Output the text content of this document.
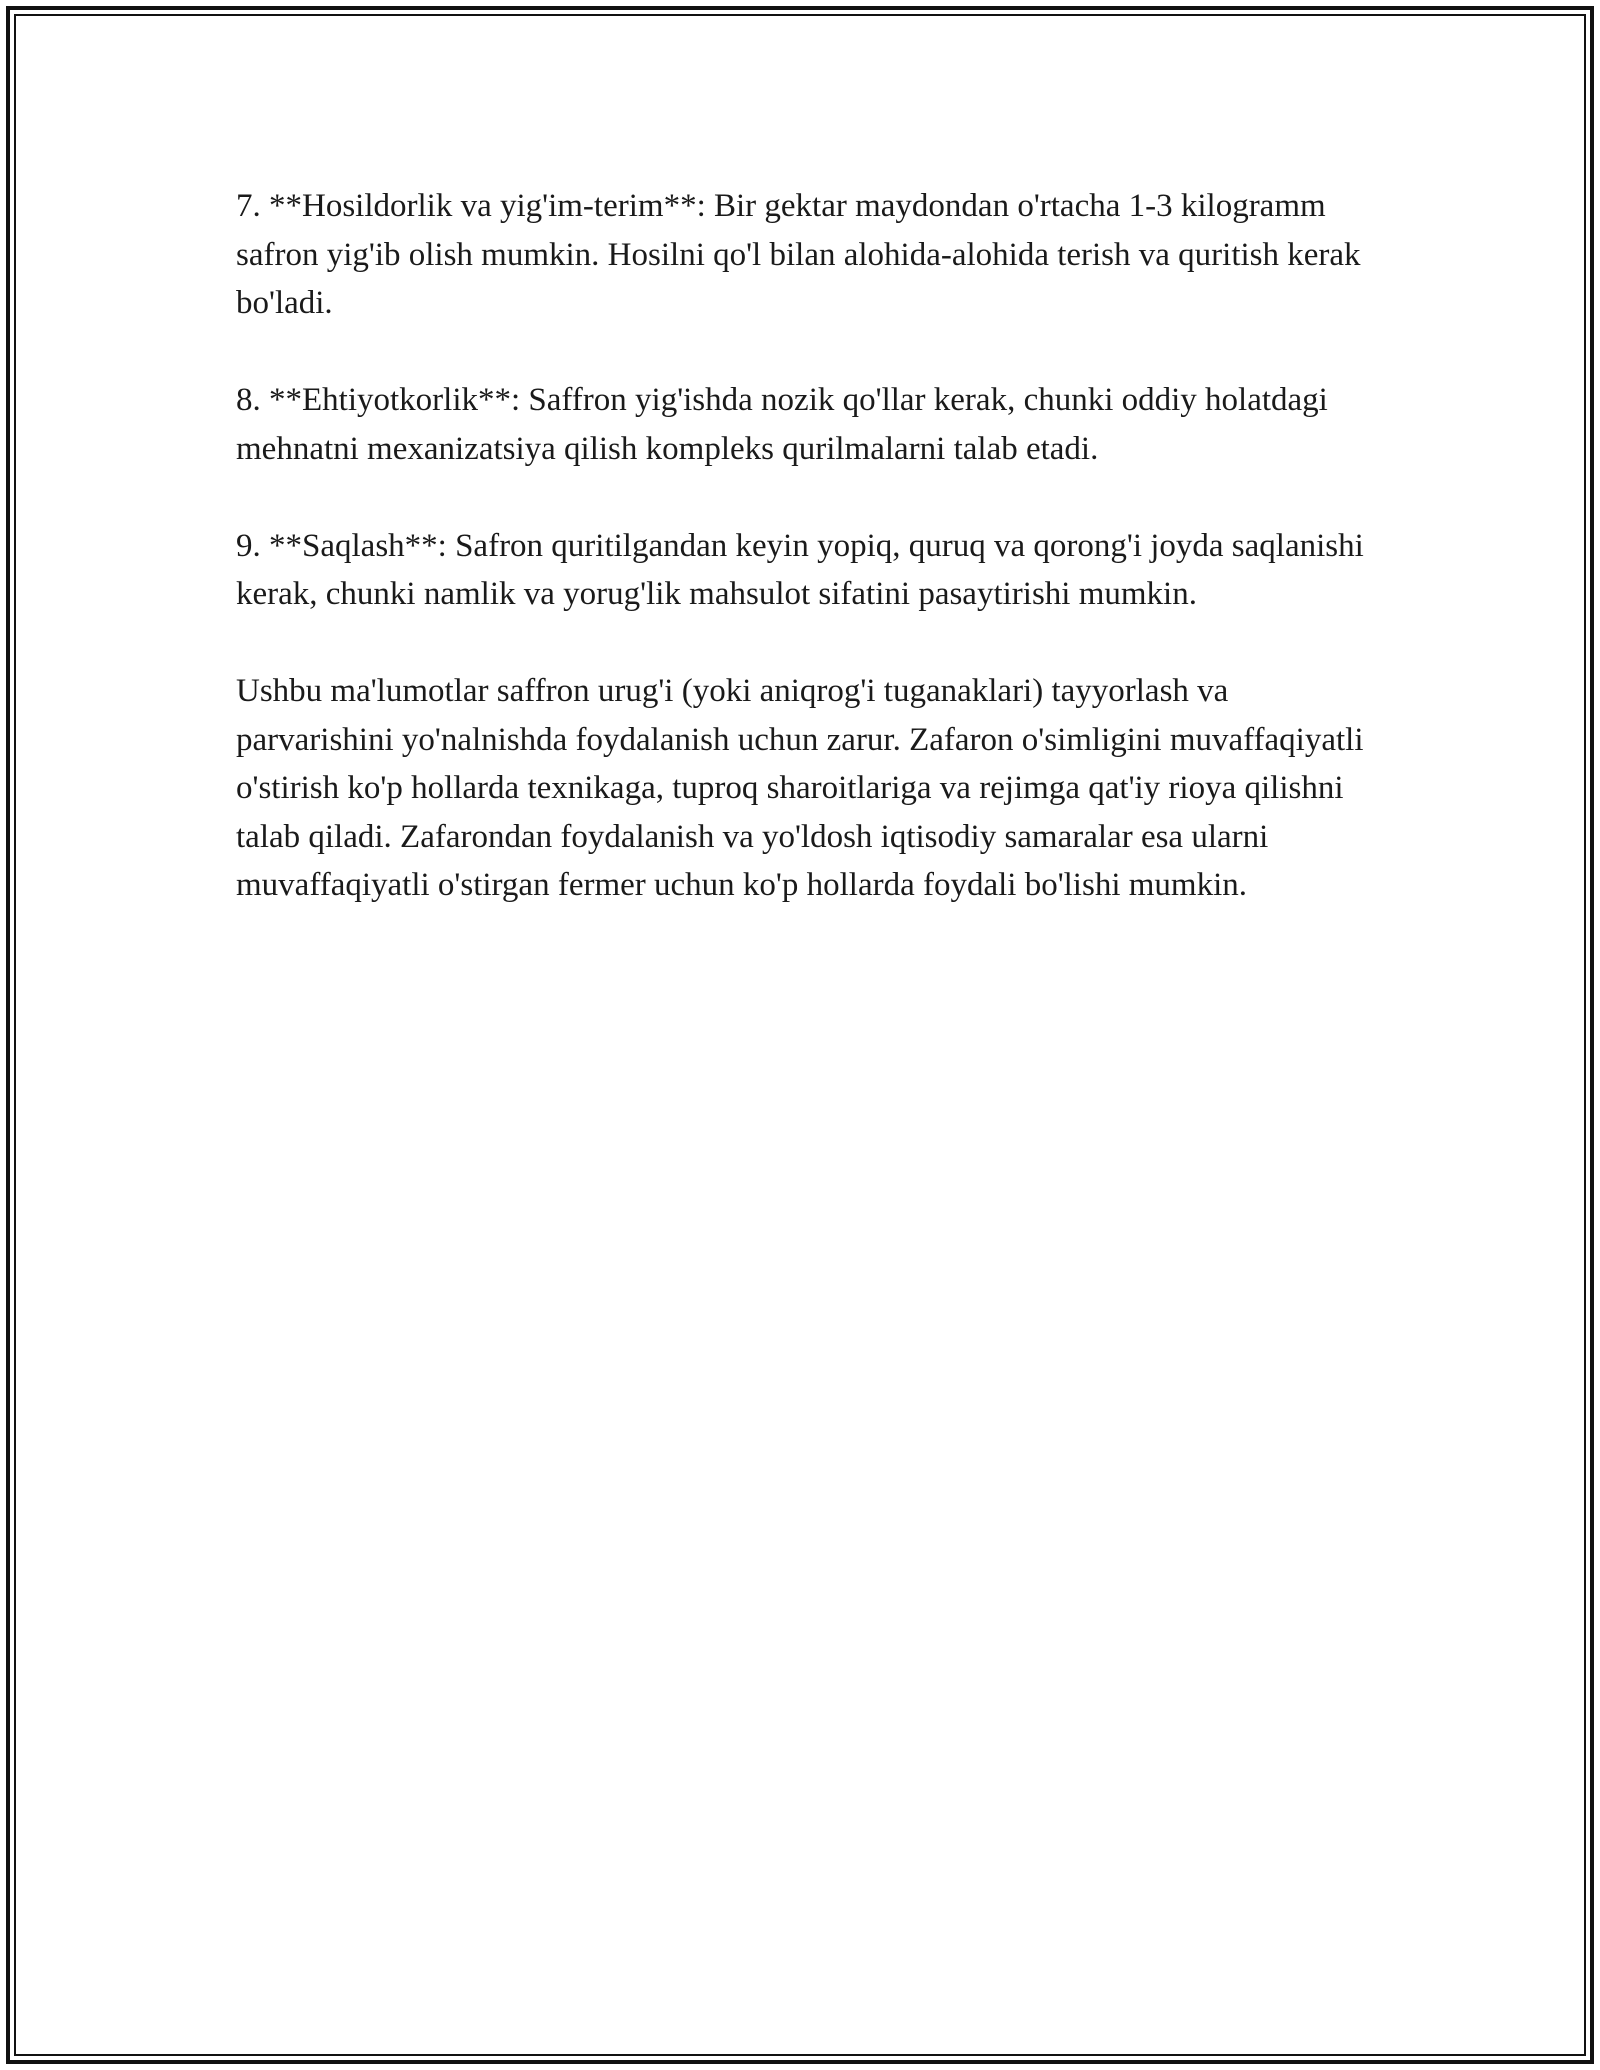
7. **Hosildorlik va yig'im-terim**: Bir gektar maydondan o'rtacha 1-3 kilogramm safron yig'ib olish mumkin. Hosilni qo'l bilan alohida-alohida terish va quritish kerak bo'ladi.

8. **Ehtiyotkorlik**: Saffron yig'ishda nozik qo'llar kerak, chunki oddiy holatdagi mehnatni mexanizatsiya qilish kompleks qurilmalarni talab etadi.

9. **Saqlash**: Safron quritilgandan keyin yopiq, quruq va qorong'i joyda saqlanishi kerak, chunki namlik va yorug'lik mahsulot sifatini pasaytirishi mumkin.

Ushbu ma'lumotlar saffron urug'i (yoki aniqrog'i tuganaklari) tayyorlash va parvarishini yo'nalnishda foydalanish uchun zarur. Zafaron o'simligini muvaffaqiyatli o'stirish ko'p hollarda texnikaga, tuproq sharoitlariga va rejimga qat'iy rioya qilishni talab qiladi. Zafarondan foydalanish va yo'ldosh iqtisodiy samaralar esa ularni muvaffaqiyatli o'stirgan fermer uchun ko'p hollarda foydali bo'lishi mumkin.
